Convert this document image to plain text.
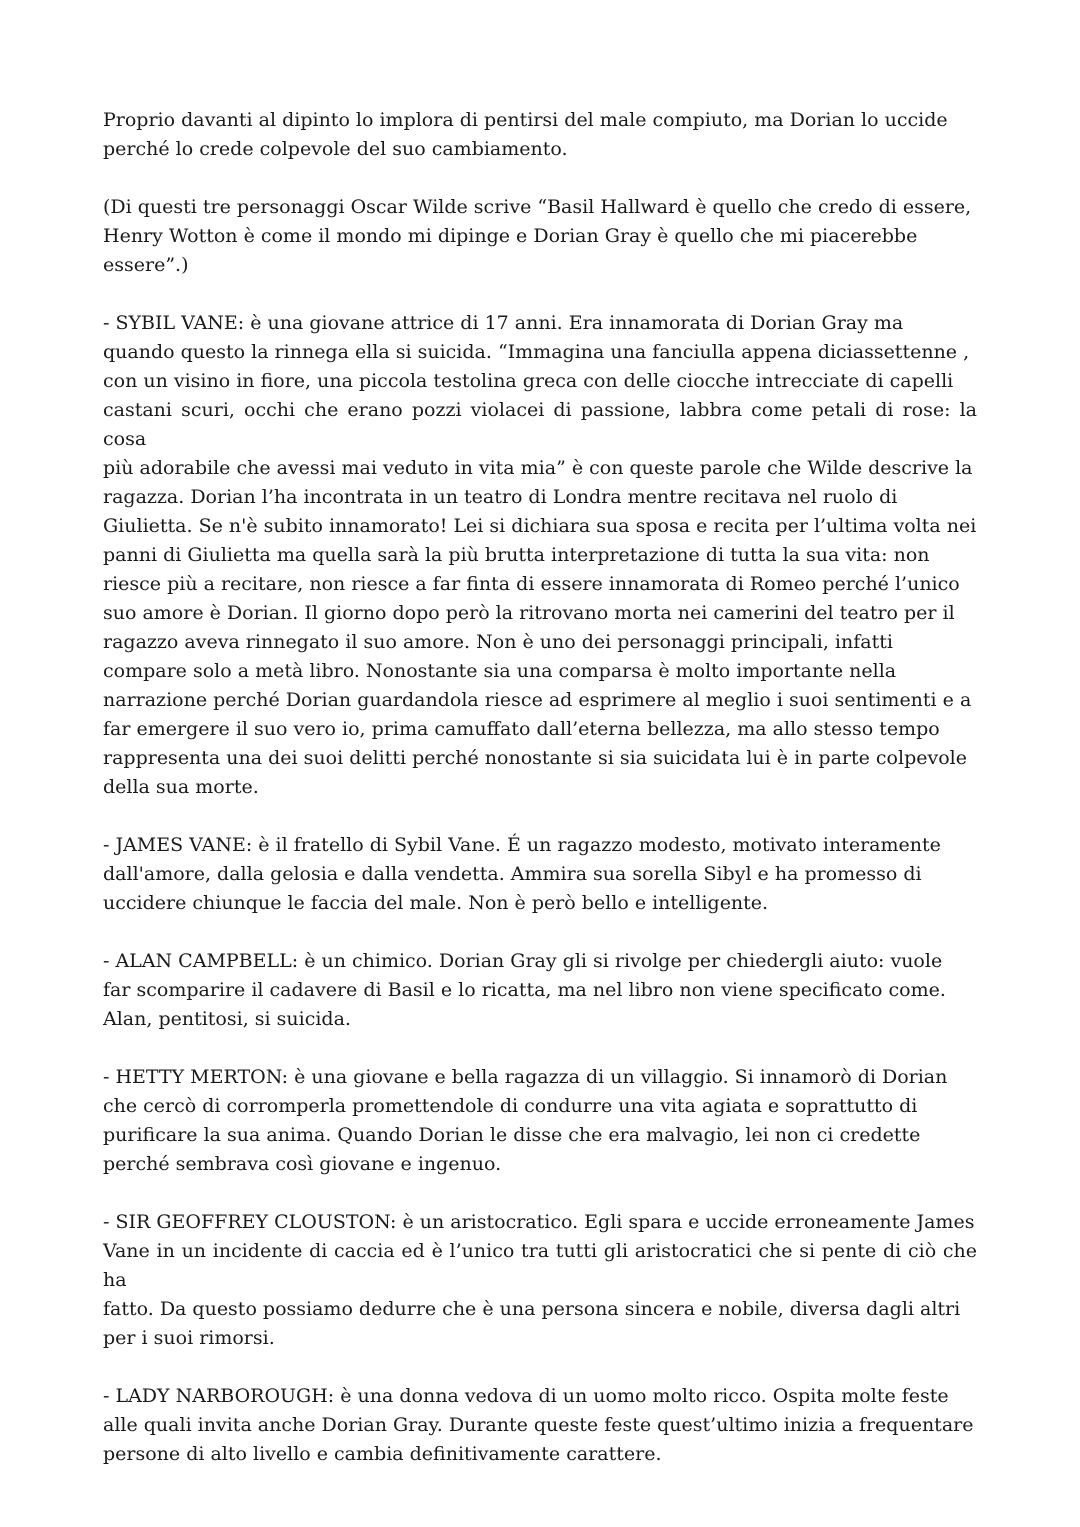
Proprio davanti al dipinto lo implora di pentirsi del male compiuto, ma Dorian lo uccide
perché lo crede colpevole del suo cambiamento.

(Di questi tre personaggi Oscar Wilde scrive “Basil Hallward è quello che credo di essere,
Henry Wotton è come il mondo mi dipinge e Dorian Gray è quello che mi piacerebbe
essere”.)

- SYBIL VANE: è una giovane attrice di 17 anni. Era innamorata di Dorian Gray ma
quando questo la rinnega ella si suicida. “Immagina una fanciulla appena diciassettenne ,
con un visino in fiore, una piccola testolina greca con delle ciocche intrecciate di capelli
castani scuri, occhi che erano pozzi violacei di passione, labbra come petali di rose: la cosa
più adorabile che avessi mai veduto in vita mia” è con queste parole che Wilde descrive la
ragazza. Dorian l’ha incontrata in un teatro di Londra mentre recitava nel ruolo di
Giulietta. Se n'è subito innamorato! Lei si dichiara sua sposa e recita per l’ultima volta nei
panni di Giulietta ma quella sarà la più brutta interpretazione di tutta la sua vita: non
riesce più a recitare, non riesce a far finta di essere innamorata di Romeo perché l’unico
suo amore è Dorian. Il giorno dopo però la ritrovano morta nei camerini del teatro per il
ragazzo aveva rinnegato il suo amore. Non è uno dei personaggi principali, infatti
compare solo a metà libro. Nonostante sia una comparsa è molto importante nella
narrazione perché Dorian guardandola riesce ad esprimere al meglio i suoi sentimenti e a
far emergere il suo vero io, prima camuffato dall’eterna bellezza, ma allo stesso tempo
rappresenta una dei suoi delitti perché nonostante si sia suicidata lui è in parte colpevole
della sua morte.

- JAMES VANE: è il fratello di Sybil Vane. É un ragazzo modesto, motivato interamente
dall'amore, dalla gelosia e dalla vendetta. Ammira sua sorella Sibyl e ha promesso di
uccidere chiunque le faccia del male. Non è però bello e intelligente.

- ALAN CAMPBELL: è un chimico. Dorian Gray gli si rivolge per chiedergli aiuto: vuole
far scomparire il cadavere di Basil e lo ricatta, ma nel libro non viene specificato come.
Alan, pentitosi, si suicida.

- HETTY MERTON: è una giovane e bella ragazza di un villaggio. Si innamorò di Dorian
che cercò di corromperla promettendole di condurre una vita agiata e soprattutto di
purificare la sua anima. Quando Dorian le disse che era malvagio, lei non ci credette
perché sembrava così giovane e ingenuo.

- SIR GEOFFREY CLOUSTON: è un aristocratico. Egli spara e uccide erroneamente James
Vane in un incidente di caccia ed è l’unico tra tutti gli aristocratici che si pente di ciò che ha
fatto. Da questo possiamo dedurre che è una persona sincera e nobile, diversa dagli altri
per i suoi rimorsi.

- LADY NARBOROUGH: è una donna vedova di un uomo molto ricco. Ospita molte feste
alle quali invita anche Dorian Gray. Durante queste feste quest’ultimo inizia a frequentare
persone di alto livello e cambia definitivamente carattere.
